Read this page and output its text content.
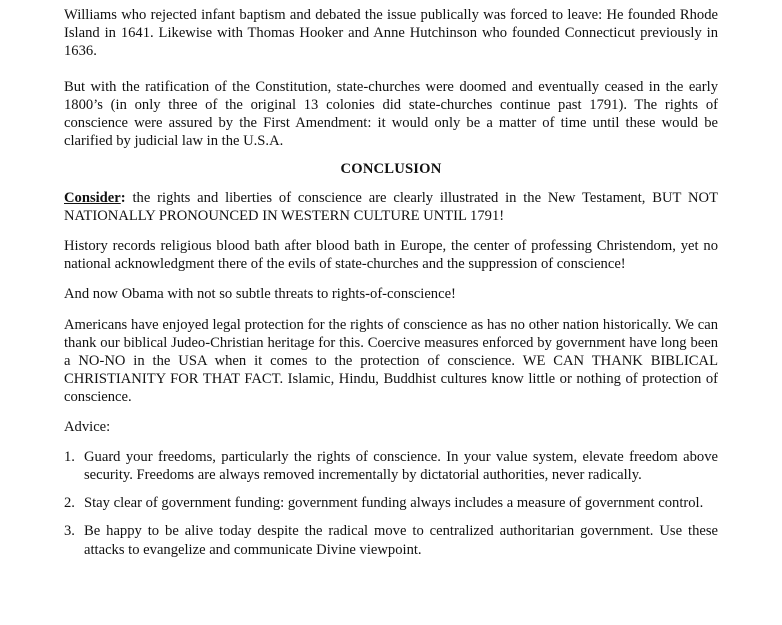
Williams who rejected infant baptism and debated the issue publically was forced to leave: He founded Rhode Island in 1641. Likewise with Thomas Hooker and Anne Hutchinson who founded Connecticut previously in 1636.

But with the ratification of the Constitution, state-churches were doomed and eventually ceased in the early 1800’s (in only three of the original 13 colonies did state-churches continue past 1791). The rights of conscience were assured by the First Amendment: it would only be a matter of time until these would be clarified by judicial law in the U.S.A.

CONCLUSION

Consider: the rights and liberties of conscience are clearly illustrated in the New Testament, BUT NOT NATIONALLY PRONOUNCED IN WESTERN CULTURE UNTIL 1791!

History records religious blood bath after blood bath in Europe, the center of professing Christendom, yet no national acknowledgment there of the evils of state-churches and the suppression of conscience!

And now Obama with not so subtle threats to rights-of-conscience!

Americans have enjoyed legal protection for the rights of conscience as has no other nation historically. We can thank our biblical Judeo-Christian heritage for this. Coercive measures enforced by government have long been a NO-NO in the USA when it comes to the protection of conscience. WE CAN THANK BIBLICAL CHRISTIANITY FOR THAT FACT. Islamic, Hindu, Buddhist cultures know little or nothing of protection of conscience.

Advice:

1. Guard your freedoms, particularly the rights of conscience. In your value system, elevate freedom above security. Freedoms are always removed incrementally by dictatorial authorities, never radically.
2. Stay clear of government funding: government funding always includes a measure of government control.
3. Be happy to be alive today despite the radical move to centralized authoritarian government. Use these attacks to evangelize and communicate Divine viewpoint.
